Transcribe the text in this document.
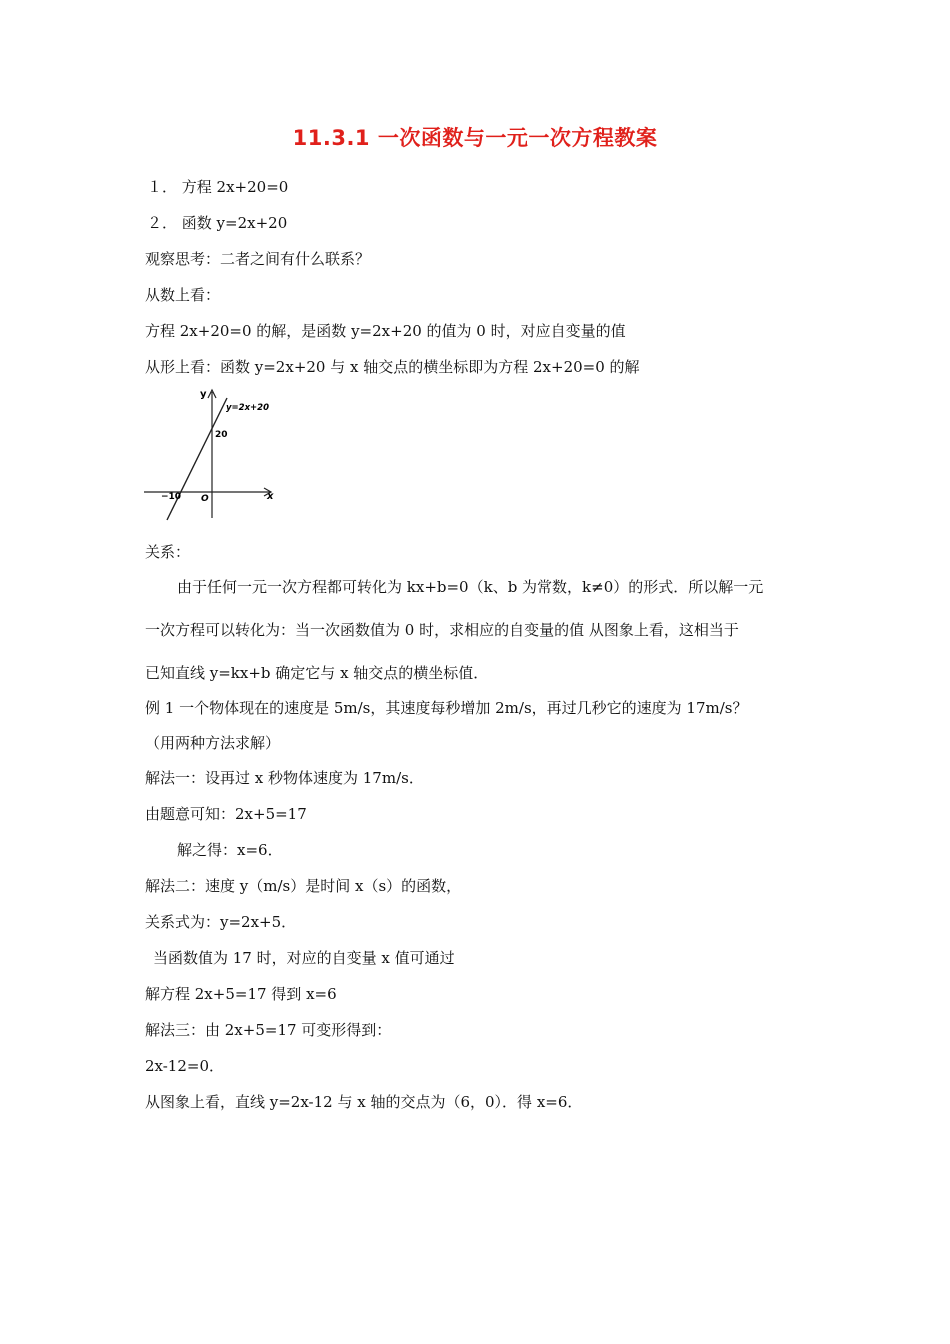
11.3.1 一次函数与一元一次方程教案
１． 方程 2x+20=0
２． 函数 y=2x+20
观察思考：二者之间有什么联系？
从数上看：
方程 2x+20=0 的解，是函数 y=2x+20 的值为 0 时，对应自变量的值
从形上看：函数 y=2x+20 与 x 轴交点的横坐标即为方程 2x+20=0 的解
y
x
y=2x+20
20
−10 O
关系：
由于任何一元一次方程都可转化为 kx+b=0（k、b 为常数，k≠0）的形式．所以解一元
一次方程可以转化为：当一次函数值为 0 时，求相应的自变量的值 从图象上看，这相当于
已知直线 y=kx+b 确定它与 x 轴交点的横坐标值．
例 1 一个物体现在的速度是 5m/s，其速度每秒增加 2m/s，再过几秒它的速度为 17m/s？
（用两种方法求解）
解法一：设再过 x 秒物体速度为 17m/s．
由题意可知：2x+5=17
解之得：x=6．
解法二：速度 y（m/s）是时间 x（s）的函数，
关系式为：y=2x+5．
当函数值为 17 时，对应的自变量 x 值可通过
解方程 2x+5=17 得到 x=6
解法三：由 2x+5=17 可变形得到：
2x-12=0．
从图象上看，直线 y=2x-12 与 x 轴的交点为（6，0）．得 x=6．
